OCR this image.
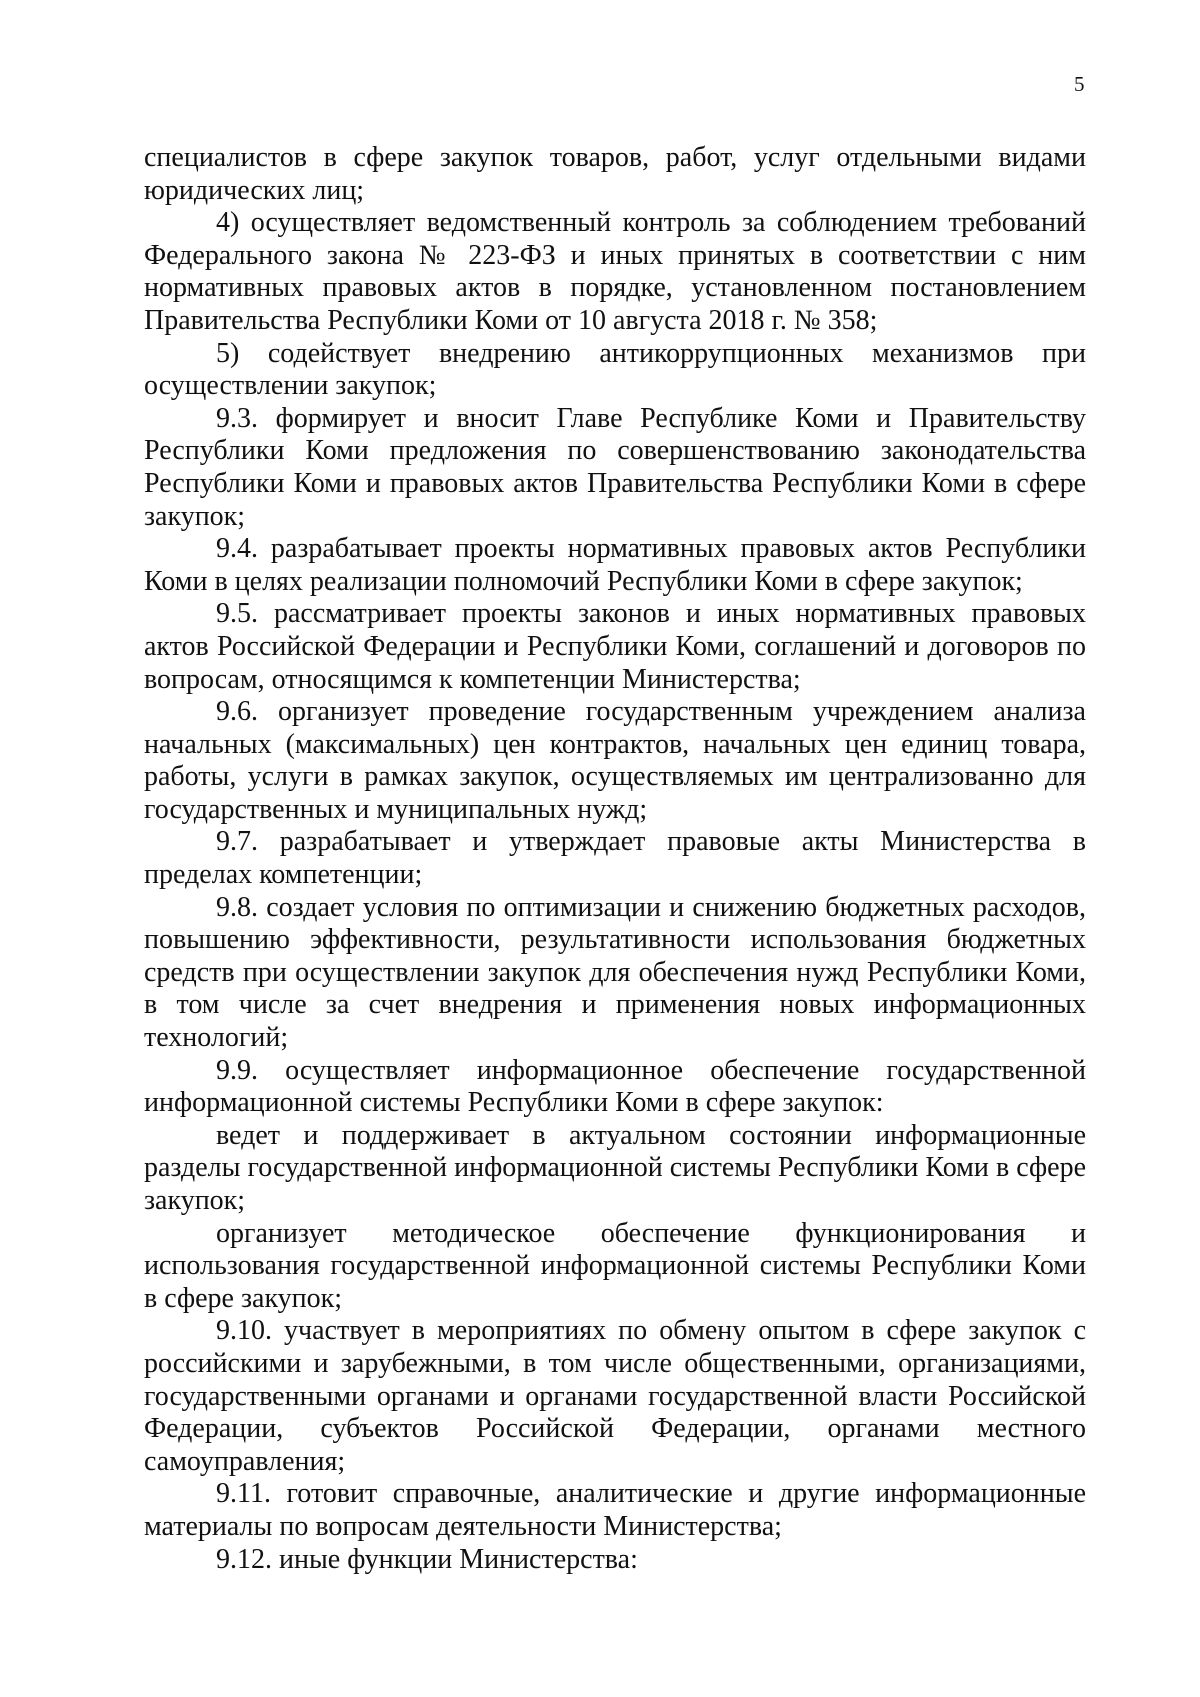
5

специалистов в сфере закупок товаров, работ, услуг отдельными видами юридических лиц;

4) осуществляет ведомственный контроль за соблюдением требований Федерального закона № 223-ФЗ и иных принятых в соответствии с ним нормативных правовых актов в порядке, установленном постановлением Правительства Республики Коми от 10 августа 2018 г. № 358;

5) содействует внедрению антикоррупционных механизмов при осуществлении закупок;

9.3. формирует и вносит Главе Республике Коми и Правительству Республики Коми предложения по совершенствованию законодательства Республики Коми и правовых актов Правительства Республики Коми в сфере закупок;

9.4. разрабатывает проекты нормативных правовых актов Республики Коми в целях реализации полномочий Республики Коми в сфере закупок;

9.5. рассматривает проекты законов и иных нормативных правовых актов Российской Федерации и Республики Коми, соглашений и договоров по вопросам, относящимся к компетенции Министерства;

9.6. организует проведение государственным учреждением анализа начальных (максимальных) цен контрактов, начальных цен единиц товара, работы, услуги в рамках закупок, осуществляемых им централизованно для государственных и муниципальных нужд;

9.7. разрабатывает и утверждает правовые акты Министерства в пределах компетенции;

9.8. создает условия по оптимизации и снижению бюджетных расходов, повышению эффективности, результативности использования бюджетных средств при осуществлении закупок для обеспечения нужд Республики Коми, в том числе за счет внедрения и применения новых информационных технологий;

9.9. осуществляет информационное обеспечение государственной информационной системы Республики Коми в сфере закупок:

ведет и поддерживает в актуальном состоянии информационные разделы государственной информационной системы Республики Коми в сфере закупок;

организует методическое обеспечение функционирования и использования государственной информационной системы Республики Коми в сфере закупок;

9.10. участвует в мероприятиях по обмену опытом в сфере закупок с российскими и зарубежными, в том числе общественными, организациями, государственными органами и органами государственной власти Российской Федерации, субъектов Российской Федерации, органами местного самоуправления;

9.11. готовит справочные, аналитические и другие информационные материалы по вопросам деятельности Министерства;

9.12. иные функции Министерства:
